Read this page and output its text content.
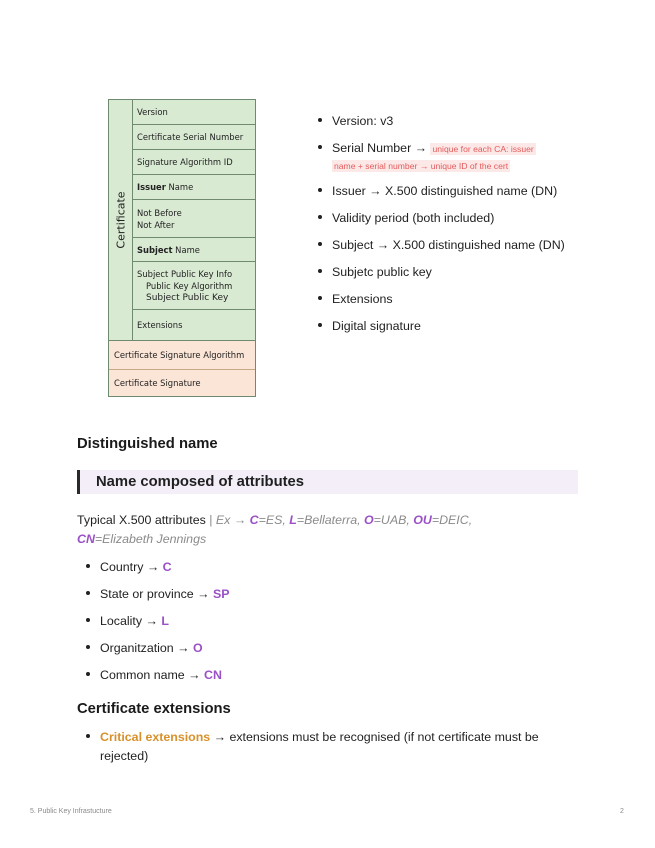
Certificate
Version
Certificate Serial Number
Signature Algorithm ID
Issuer Name
Not Before
Not After
Subject Name
Subject Public Key Info
Public Key Algorithm
Subject Public Key
Extensions
Certificate Signature Algorithm
Certificate Signature
Version: v3
Serial Number → unique for each CA: issuer
name + serial number → unique ID of the cert
Issuer → X.500 distinguished name (DN)
Validity period (both included)
Subject → X.500 distinguished name (DN)
Subjetc public key
Extensions
Digital signature
Distinguished name
Name composed of attributes
Typical X.500 attributes | Ex → C=ES, L=Bellaterra, O=UAB, OU=DEIC,
CN=Elizabeth Jennings
Country → C
State or province → SP
Locality → L
Organitzation → O
Common name → CN
Certificate extensions
Critical extensions → extensions must be recognised (if not certificate must be rejected)
5. Public Key Infrastucture	2
